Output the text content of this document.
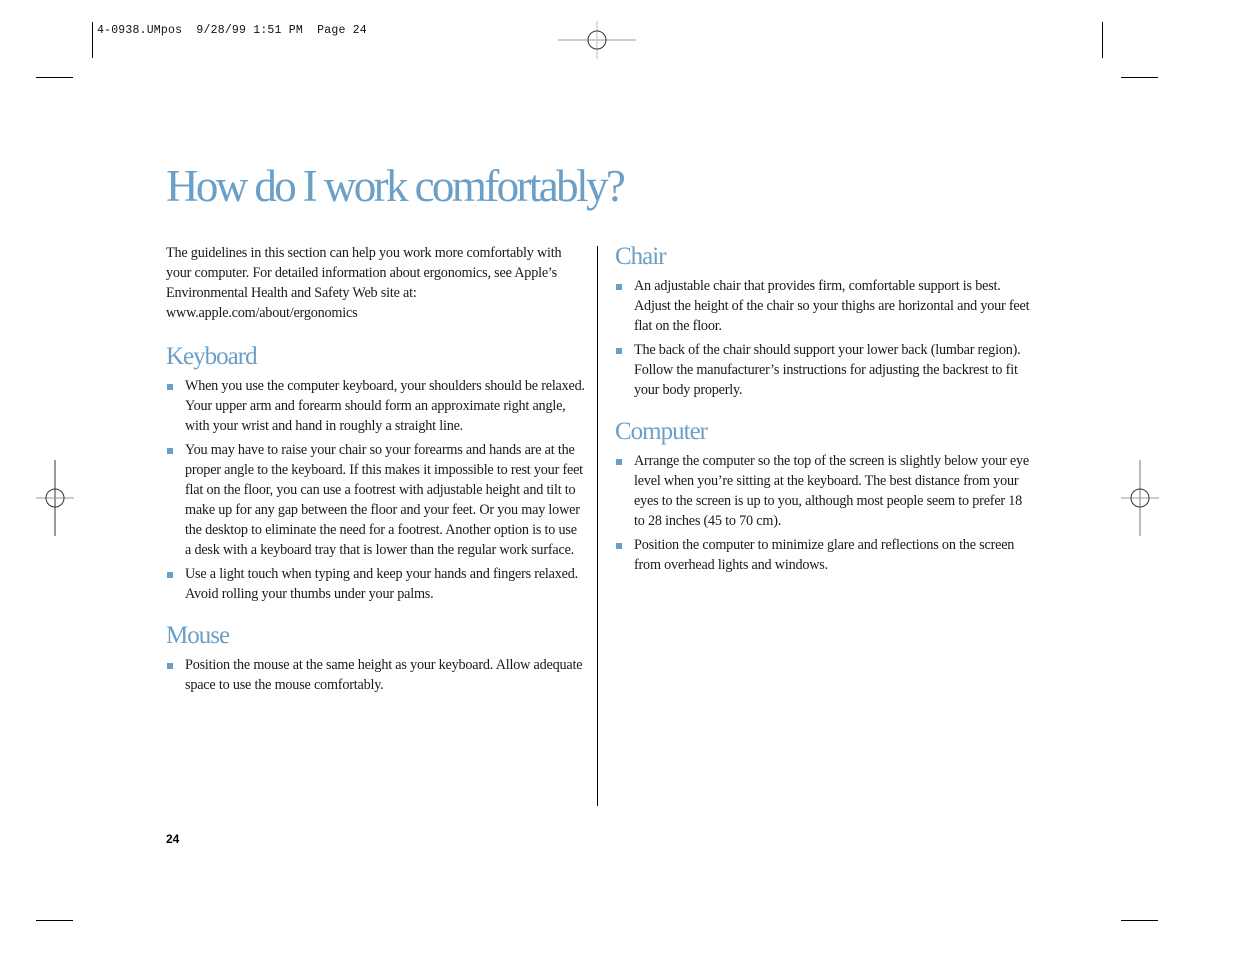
4-0938.UMpos  9/28/99 1:51 PM  Page 24
How do I work comfortably?

The guidelines in this section can help you work more comfortably with your computer. For detailed information about ergonomics, see Apple’s Environmental Health and Safety Web site at: www.apple.com/about/ergonomics

Keyboard
When you use the computer keyboard, your shoulders should be relaxed. Your upper arm and forearm should form an approximate right angle, with your wrist and hand in roughly a straight line.
You may have to raise your chair so your forearms and hands are at the proper angle to the keyboard. If this makes it impossible to rest your feet flat on the floor, you can use a footrest with adjustable height and tilt to make up for any gap between the floor and your feet. Or you may lower the desktop to eliminate the need for a footrest. Another option is to use a desk with a keyboard tray that is lower than the regular work surface.
Use a light touch when typing and keep your hands and fingers relaxed. Avoid rolling your thumbs under your palms.
Mouse
Position the mouse at the same height as your keyboard. Allow adequate space to use the mouse comfortably.
Chair
An adjustable chair that provides firm, comfortable support is best. Adjust the height of the chair so your thighs are horizontal and your feet flat on the floor.
The back of the chair should support your lower back (lumbar region). Follow the manufacturer’s instructions for adjusting the backrest to fit your body properly.
Computer
Arrange the computer so the top of the screen is slightly below your eye level when you’re sitting at the keyboard. The best distance from your eyes to the screen is up to you, although most people seem to prefer 18 to 28 inches (45 to 70 cm).
Position the computer to minimize glare and reflections on the screen from overhead lights and windows.
24
